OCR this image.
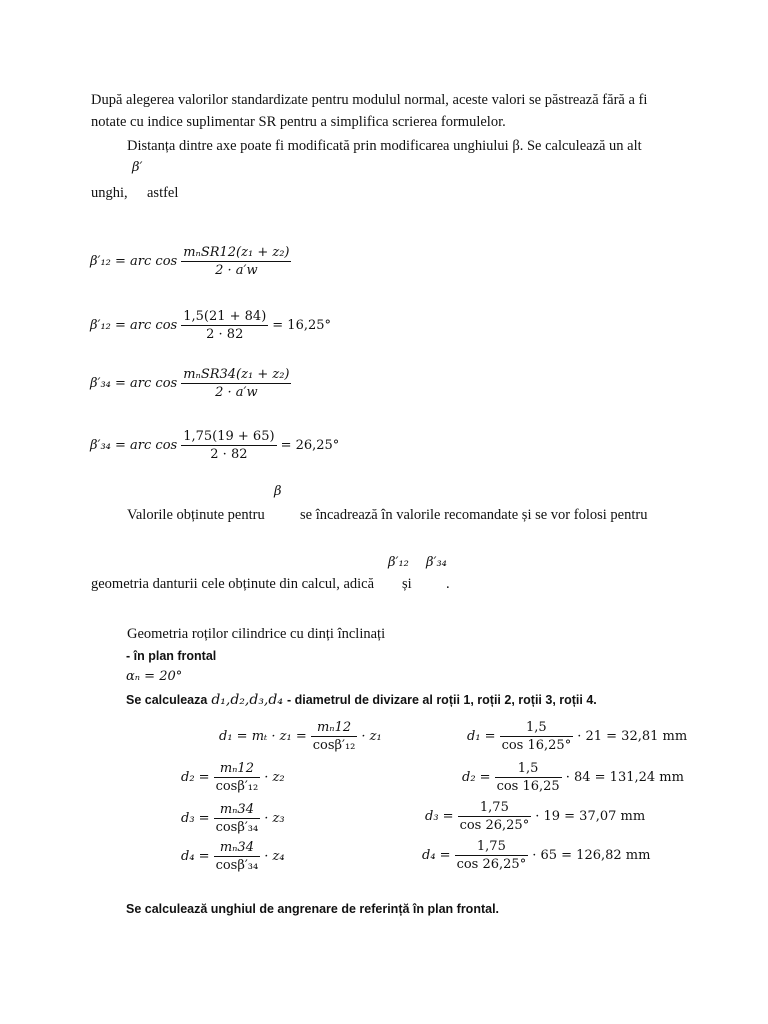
După alegerea valorilor standardizate pentru modulul normal, aceste valori se păstrează fără a fi
notate cu indice suplimentar SR pentru a simplifica scrierea formulelor.
Distanța dintre axe poate fi modificată prin modificarea unghiului β. Se calculează un alt
β′
unghi, astfel
β′₁₂ = arc $\cos \frac{\text{mₙSR12(z₁ + z₂)}}{2 \cdot a'w}$
β′₁₂ = arc $\cos \frac{1,5(21 + 84)}{2 \cdot 82} = 16,25^\circ$
β′₃₄ = arc $\cos \frac{\text{mₙSR34(z₁ + z₂)}}{2 \cdot a'w}$
β′₃₄ = arc $\cos \frac{1,75(19 + 65)}{2 \cdot 82} = 26,25^\circ$
β
Valorile obținute pentru se încadrează în valorile recomandate și se vor folosi pentru
β′₁₂ β′₃₄
geometria danturii cele obținute din calcul, adică și .
Geometria roților cilindrice cu dinți înclinați
- în plan frontal
αₙ = 20°
Se calculeaza d₁,d₂,d₃,d₄ - diametrul de divizare al roții 1, roții 2, roții 3, roții 4.
$d_1 = m_t \cdot z_1 = \frac{\text{mₙ12}}{\text{cosβ′₁₂}} \cdot z_1$
$d_2 = \frac{\text{mₙ12}}{\text{cosβ′₁₂}} \cdot z_2$
$d_3 = \frac{\text{mₙ34}}{\text{cosβ′₃₄}} \cdot z_3$
$d_4 = \frac{\text{mₙ34}}{\text{cosβ′₃₄}} \cdot z_4$
$d_1 = \frac{1,5}{\cos 16,25^\circ} \cdot 21 = 32,81$ mm
$d_2 = \frac{1,5}{\cos 16,25} \cdot 84 = 131,24$ mm
$d_3 = \frac{1,75}{\cos 26,25^\circ} \cdot 19 = 37,07$ mm
$d_4 = \frac{1,75}{\cos 26,25^\circ} \cdot 65 = 126,82$ mm
Se calculează unghiul de angrenare de referință în plan frontal.
